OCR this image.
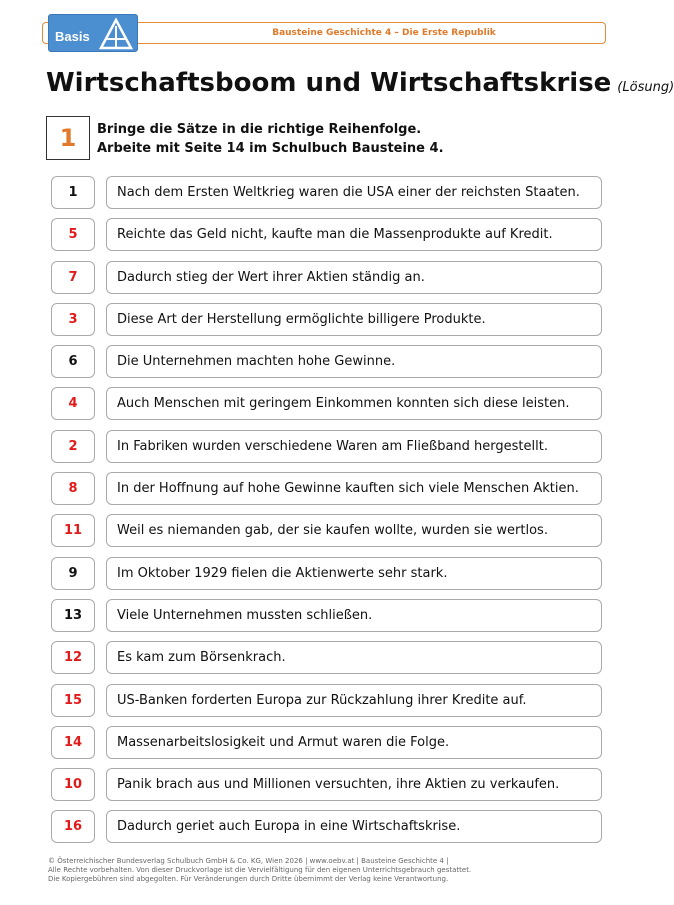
Bausteine Geschichte 4 – Die Erste Republik
Basis
Wirtschaftsboom und Wirtschaftskrise (Lösung)
1	Bringe die Sätze in die richtige Reihenfolge.
Arbeite mit Seite 14 im Schulbuch Bausteine 4.
1	Nach dem Ersten Weltkrieg waren die USA einer der reichsten Staaten.
5	Reichte das Geld nicht, kaufte man die Massenprodukte auf Kredit.
7	Dadurch stieg der Wert ihrer Aktien ständig an.
3	Diese Art der Herstellung ermöglichte billigere Produkte.
6	Die Unternehmen machten hohe Gewinne.
4	Auch Menschen mit geringem Einkommen konnten sich diese leisten.
2	In Fabriken wurden verschiedene Waren am Fließband hergestellt.
8	In der Hoffnung auf hohe Gewinne kauften sich viele Menschen Aktien.
11	Weil es niemanden gab, der sie kaufen wollte, wurden sie wertlos.
9	Im Oktober 1929 fielen die Aktienwerte sehr stark.
13	Viele Unternehmen mussten schließen.
12	Es kam zum Börsenkrach.
15	US-Banken forderten Europa zur Rückzahlung ihrer Kredite auf.
14	Massenarbeitslosigkeit und Armut waren die Folge.
10	Panik brach aus und Millionen versuchten, ihre Aktien zu verkaufen.
16	Dadurch geriet auch Europa in eine Wirtschaftskrise.
© Österreichischer Bundesverlag Schulbuch GmbH & Co. KG, Wien 2026 | www.oebv.at | Bausteine Geschichte 4 |
Alle Rechte vorbehalten. Von dieser Druckvorlage ist die Vervielfältigung für den eigenen Unterrichtsgebrauch gestattet.
Die Kopiergebühren sind abgegolten. Für Veränderungen durch Dritte übernimmt der Verlag keine Verantwortung.
